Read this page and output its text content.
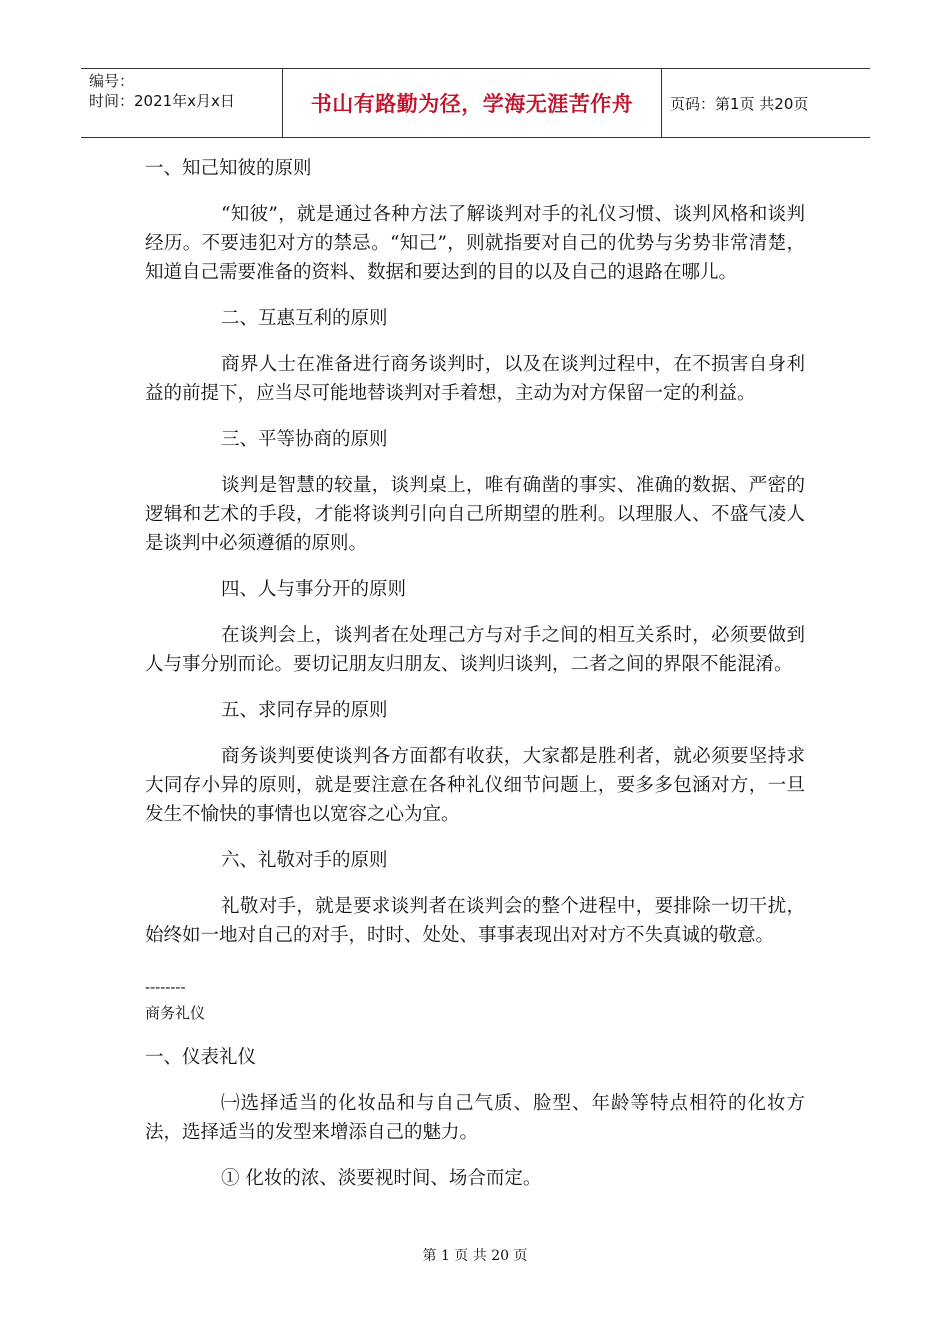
编号：
时间：2021年x月x日	书山有路勤为径，学海无涯苦作舟 页码：第1页 共20页

一、知己知彼的原则

“知彼”，就是通过各种方法了解谈判对手的礼仪习惯、谈判风格和谈判经历。不要违犯对方的禁忌。“知己”，则就指要对自己的优势与劣势非常清楚，知道自己需要准备的资料、数据和要达到的目的以及自己的退路在哪儿。

二、互惠互利的原则

商界人士在准备进行商务谈判时，以及在谈判过程中，在不损害自身利益的前提下，应当尽可能地替谈判对手着想，主动为对方保留一定的利益。

三、平等协商的原则

谈判是智慧的较量，谈判桌上，唯有确凿的事实、准确的数据、严密的逻辑和艺术的手段，才能将谈判引向自己所期望的胜利。以理服人、不盛气凌人是谈判中必须遵循的原则。

四、人与事分开的原则

在谈判会上，谈判者在处理己方与对手之间的相互关系时，必须要做到人与事分别而论。要切记朋友归朋友、谈判归谈判，二者之间的界限不能混淆。

五、求同存异的原则

商务谈判要使谈判各方面都有收获，大家都是胜利者，就必须要坚持求大同存小异的原则，就是要注意在各种礼仪细节问题上，要多多包涵对方，一旦发生不愉快的事情也以宽容之心为宜。

六、礼敬对手的原则

礼敬对手，就是要求谈判者在谈判会的整个进程中，要排除一切干扰，始终如一地对自己的对手，时时、处处、事事表现出对对方不失真诚的敬意。

--------

商务礼仪

一、仪表礼仪

㈠选择适当的化妆品和与自己气质、脸型、年龄等特点相符的化妆方法，选择适当的发型来增添自己的魅力。

① 化妆的浓、淡要视时间、场合而定。

第 1 页 共 20 页
